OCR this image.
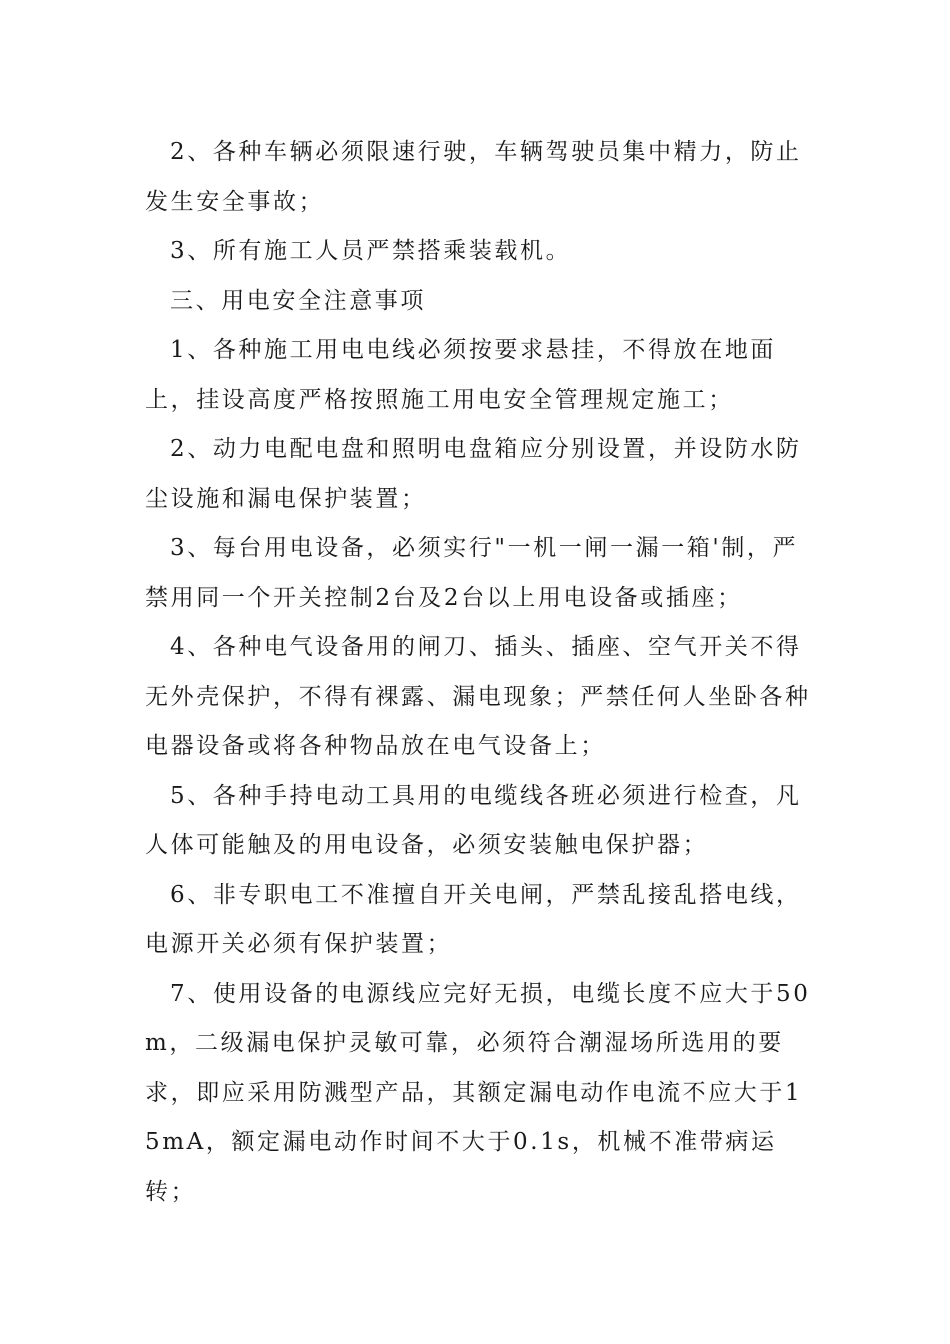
2、各种车辆必须限速行驶，车辆驾驶员集中精力，防止发生安全事故；

3、所有施工人员严禁搭乘装载机。

三、用电安全注意事项

1、各种施工用电电线必须按要求悬挂，不得放在地面上，挂设高度严格按照施工用电安全管理规定施工；

2、动力电配电盘和照明电盘箱应分别设置，并设防水防尘设施和漏电保护装置；

3、每台用电设备，必须实行"一机一闸一漏一箱'制，严禁用同一个开关控制2台及2台以上用电设备或插座；

4、各种电气设备用的闸刀、插头、插座、空气开关不得无外壳保护，不得有裸露、漏电现象；严禁任何人坐卧各种电器设备或将各种物品放在电气设备上；

5、各种手持电动工具用的电缆线各班必须进行检查，凡人体可能触及的用电设备，必须安装触电保护器；

6、非专职电工不准擅自开关电闸，严禁乱接乱搭电线，电源开关必须有保护装置；

7、使用设备的电源线应完好无损，电缆长度不应大于50m，二级漏电保护灵敏可靠，必须符合潮湿场所选用的要求，即应采用防溅型产品，其额定漏电动作电流不应大于15mA，额定漏电动作时间不大于0.1s，机械不准带病运转；
